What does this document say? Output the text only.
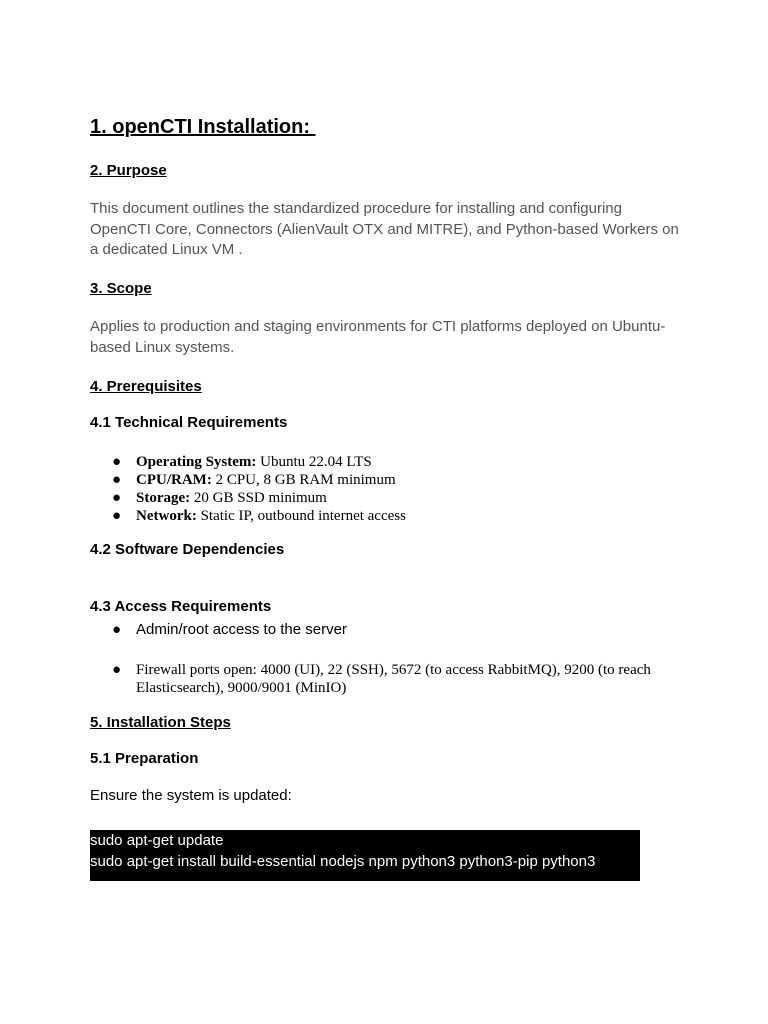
1. openCTI Installation:
2. Purpose

This document outlines the standardized procedure for installing and configuring OpenCTI Core, Connectors (AlienVault OTX and MITRE), and Python-based Workers on a dedicated Linux VM .

3. Scope

Applies to production and staging environments for CTI platforms deployed on Ubuntu-based Linux systems.

4. Prerequisites
4.1 Technical Requirements
● Operating System: Ubuntu 22.04 LTS
● CPU/RAM: 2 CPU, 8 GB RAM minimum
● Storage: 20 GB SSD minimum
● Network: Static IP, outbound internet access
4.2 Software Dependencies
4.3 Access Requirements
● Admin/root access to the server
● Firewall ports open: 4000 (UI), 22 (SSH), 5672 (to access RabbitMQ), 9200 (to reach Elasticsearch), 9000/9001 (MinIO)
5. Installation Steps
5.1 Preparation
Ensure the system is updated:
sudo apt-get update
sudo apt-get install build-essential nodejs npm python3 python3-pip python3
